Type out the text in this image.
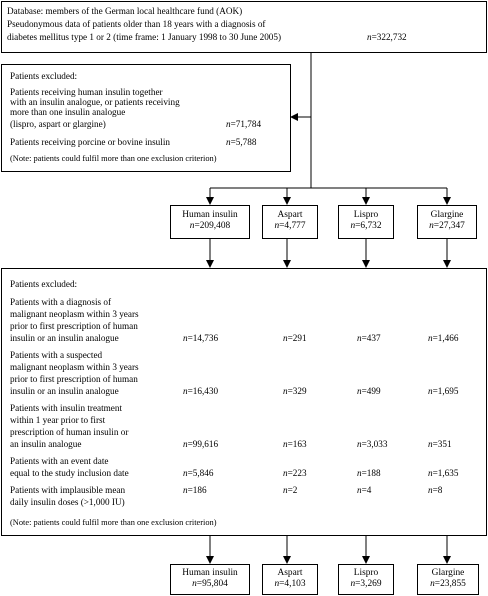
Database: members of the German local healthcare fund (AOK)
Pseudonymous data of patients older than 18 years with a diagnosis of
diabetes mellitus type 1 or 2 (time frame: 1 January 1998 to 30 June 2005)	n=322,732
Patients excluded:
Patients receiving human insulin together
with an insulin analogue, or patients receiving
more than one insulin analogue
(lispro, aspart or glargine)	n=71,784
Patients receiving porcine or bovine insulin	n=5,788
(Note: patients could fulfil more than one exclusion criterion)
Human insulin
n=209,408
Aspart
n=4,777
Lispro
n=6,732
Glargine
n=27,347
Patients excluded:
Patients with a diagnosis of
malignant neoplasm within 3 years
prior to first prescription of human
insulin or an insulin analogue	n=14,736	n=291	n=437	n=1,466
Patients with a suspected
malignant neoplasm within 3 years
prior to first prescription of human
insulin or an insulin analogue	n=16,430	n=329	n=499	n=1,695
Patients with insulin treatment
within 1 year prior to first
prescription of human insulin or
an insulin analogue	n=99,616	n=163	n=3,033	n=351
Patients with an event date
equal to the study inclusion date	n=5,846	n=223	n=188	n=1,635
Patients with implausible mean
daily insulin doses (>1,000 IU)
n=186	n=2	n=4	n=8
(Note: patients could fulfil more than one exclusion criterion)
Human insulin
n=95,804
Aspart
n=4,103
Lispro
n=3,269
Glargine
n=23,855
